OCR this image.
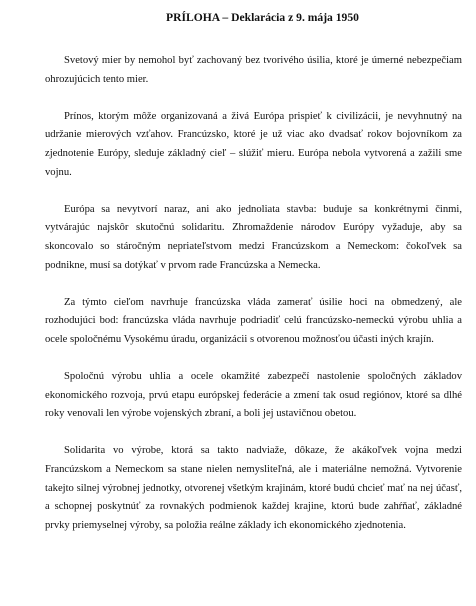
PRÍLOHA – Deklarácia z 9. mája 1950

Svetový mier by nemohol byť zachovaný bez tvorivého úsilia, ktoré je úmerné nebezpečiam ohrozujúcich tento mier.

Prínos, ktorým môže organizovaná a živá Európa prispieť k civilizácii, je nevyhnutný na udržanie mierových vzťahov. Francúzsko, ktoré je už viac ako dvadsať rokov bojovníkom za zjednotenie Európy, sleduje základný cieľ – slúžiť mieru. Európa nebola vytvorená a zažili sme vojnu.

Európa sa nevytvorí naraz, ani ako jednoliata stavba: buduje sa konkrétnymi činmi, vytvárajúc najskôr skutočnú solidaritu. Zhromaždenie národov Európy vyžaduje, aby sa skoncovalo so stáročným nepriateľstvom medzi Francúzskom a Nemeckom: čokoľvek sa podnikne, musí sa dotýkať v prvom rade Francúzska a Nemecka.

Za týmto cieľom navrhuje francúzska vláda zamerať úsilie hoci na obmedzený, ale rozhodujúci bod: francúzska vláda navrhuje podriadiť celú francúzsko-nemeckú výrobu uhlia a ocele spoločnému Vysokému úradu, organizácii s otvorenou možnosťou účasti iných krajín.

Spoločnú výrobu uhlia a ocele okamžité zabezpečí nastolenie spoločných základov ekonomického rozvoja, prvú etapu európskej federácie a zmení tak osud regiónov, ktoré sa dlhé roky venovali len výrobe vojenských zbraní, a boli jej ustavičnou obetou.

Solidarita vo výrobe, ktorá sa takto nadviaže, dôkaze, že akákoľvek vojna medzi Francúzskom a Nemeckom sa stane nielen nemysliteľná, ale i materiálne nemožná. Vytvorenie takejto silnej výrobnej jednotky, otvorenej všetkým krajinám, ktoré budú chcieť mať na nej účasť, a schopnej poskytnúť za rovnakých podmienok každej krajine, ktorú bude zahŕňať, základné prvky priemyselnej výroby, sa položia reálne základy ich ekonomického zjednotenia.
